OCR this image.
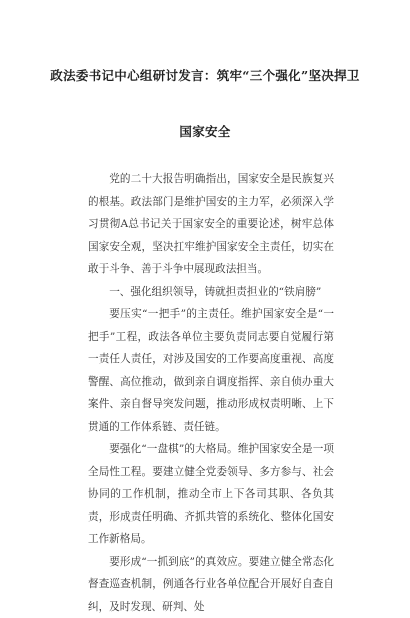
政法委书记中心组研讨发言：筑牢“三个强化”坚决捍卫
国家安全

党的二十大报告明确指出，国家安全是民族复兴的根基。政法部门是维护国安的主力军，必须深入学习贯彻A总书记关于国家安全的重要论述，树牢总体国家安全观，坚决扛牢维护国家安全主责任，切实在敢于斗争、善于斗争中展现政法担当。

一、强化组织领导，铸就担责担业的“铁肩膀”

要压实“一把手”的主责任。维护国家安全是“一把手”工程，政法各单位主要负责同志要自觉履行第一责任人责任，对涉及国安的工作要高度重视、高度警醒、高位推动，做到亲自调度指挥、亲自侦办重大案件、亲自督导突发问题，推动形成权责明晰、上下贯通的工作体系链、责任链。

要强化“一盘棋”的大格局。维护国家安全是一项全局性工程。要建立健全党委领导、多方参与、社会协同的工作机制，推动全市上下各司其职、各负其责，形成责任明确、齐抓共管的系统化、整体化国安工作新格局。

要形成“一抓到底”的真效应。要建立健全常态化督查巡查机制，例通各行业各单位配合开展好自查自纠，及时发现、研判、处
